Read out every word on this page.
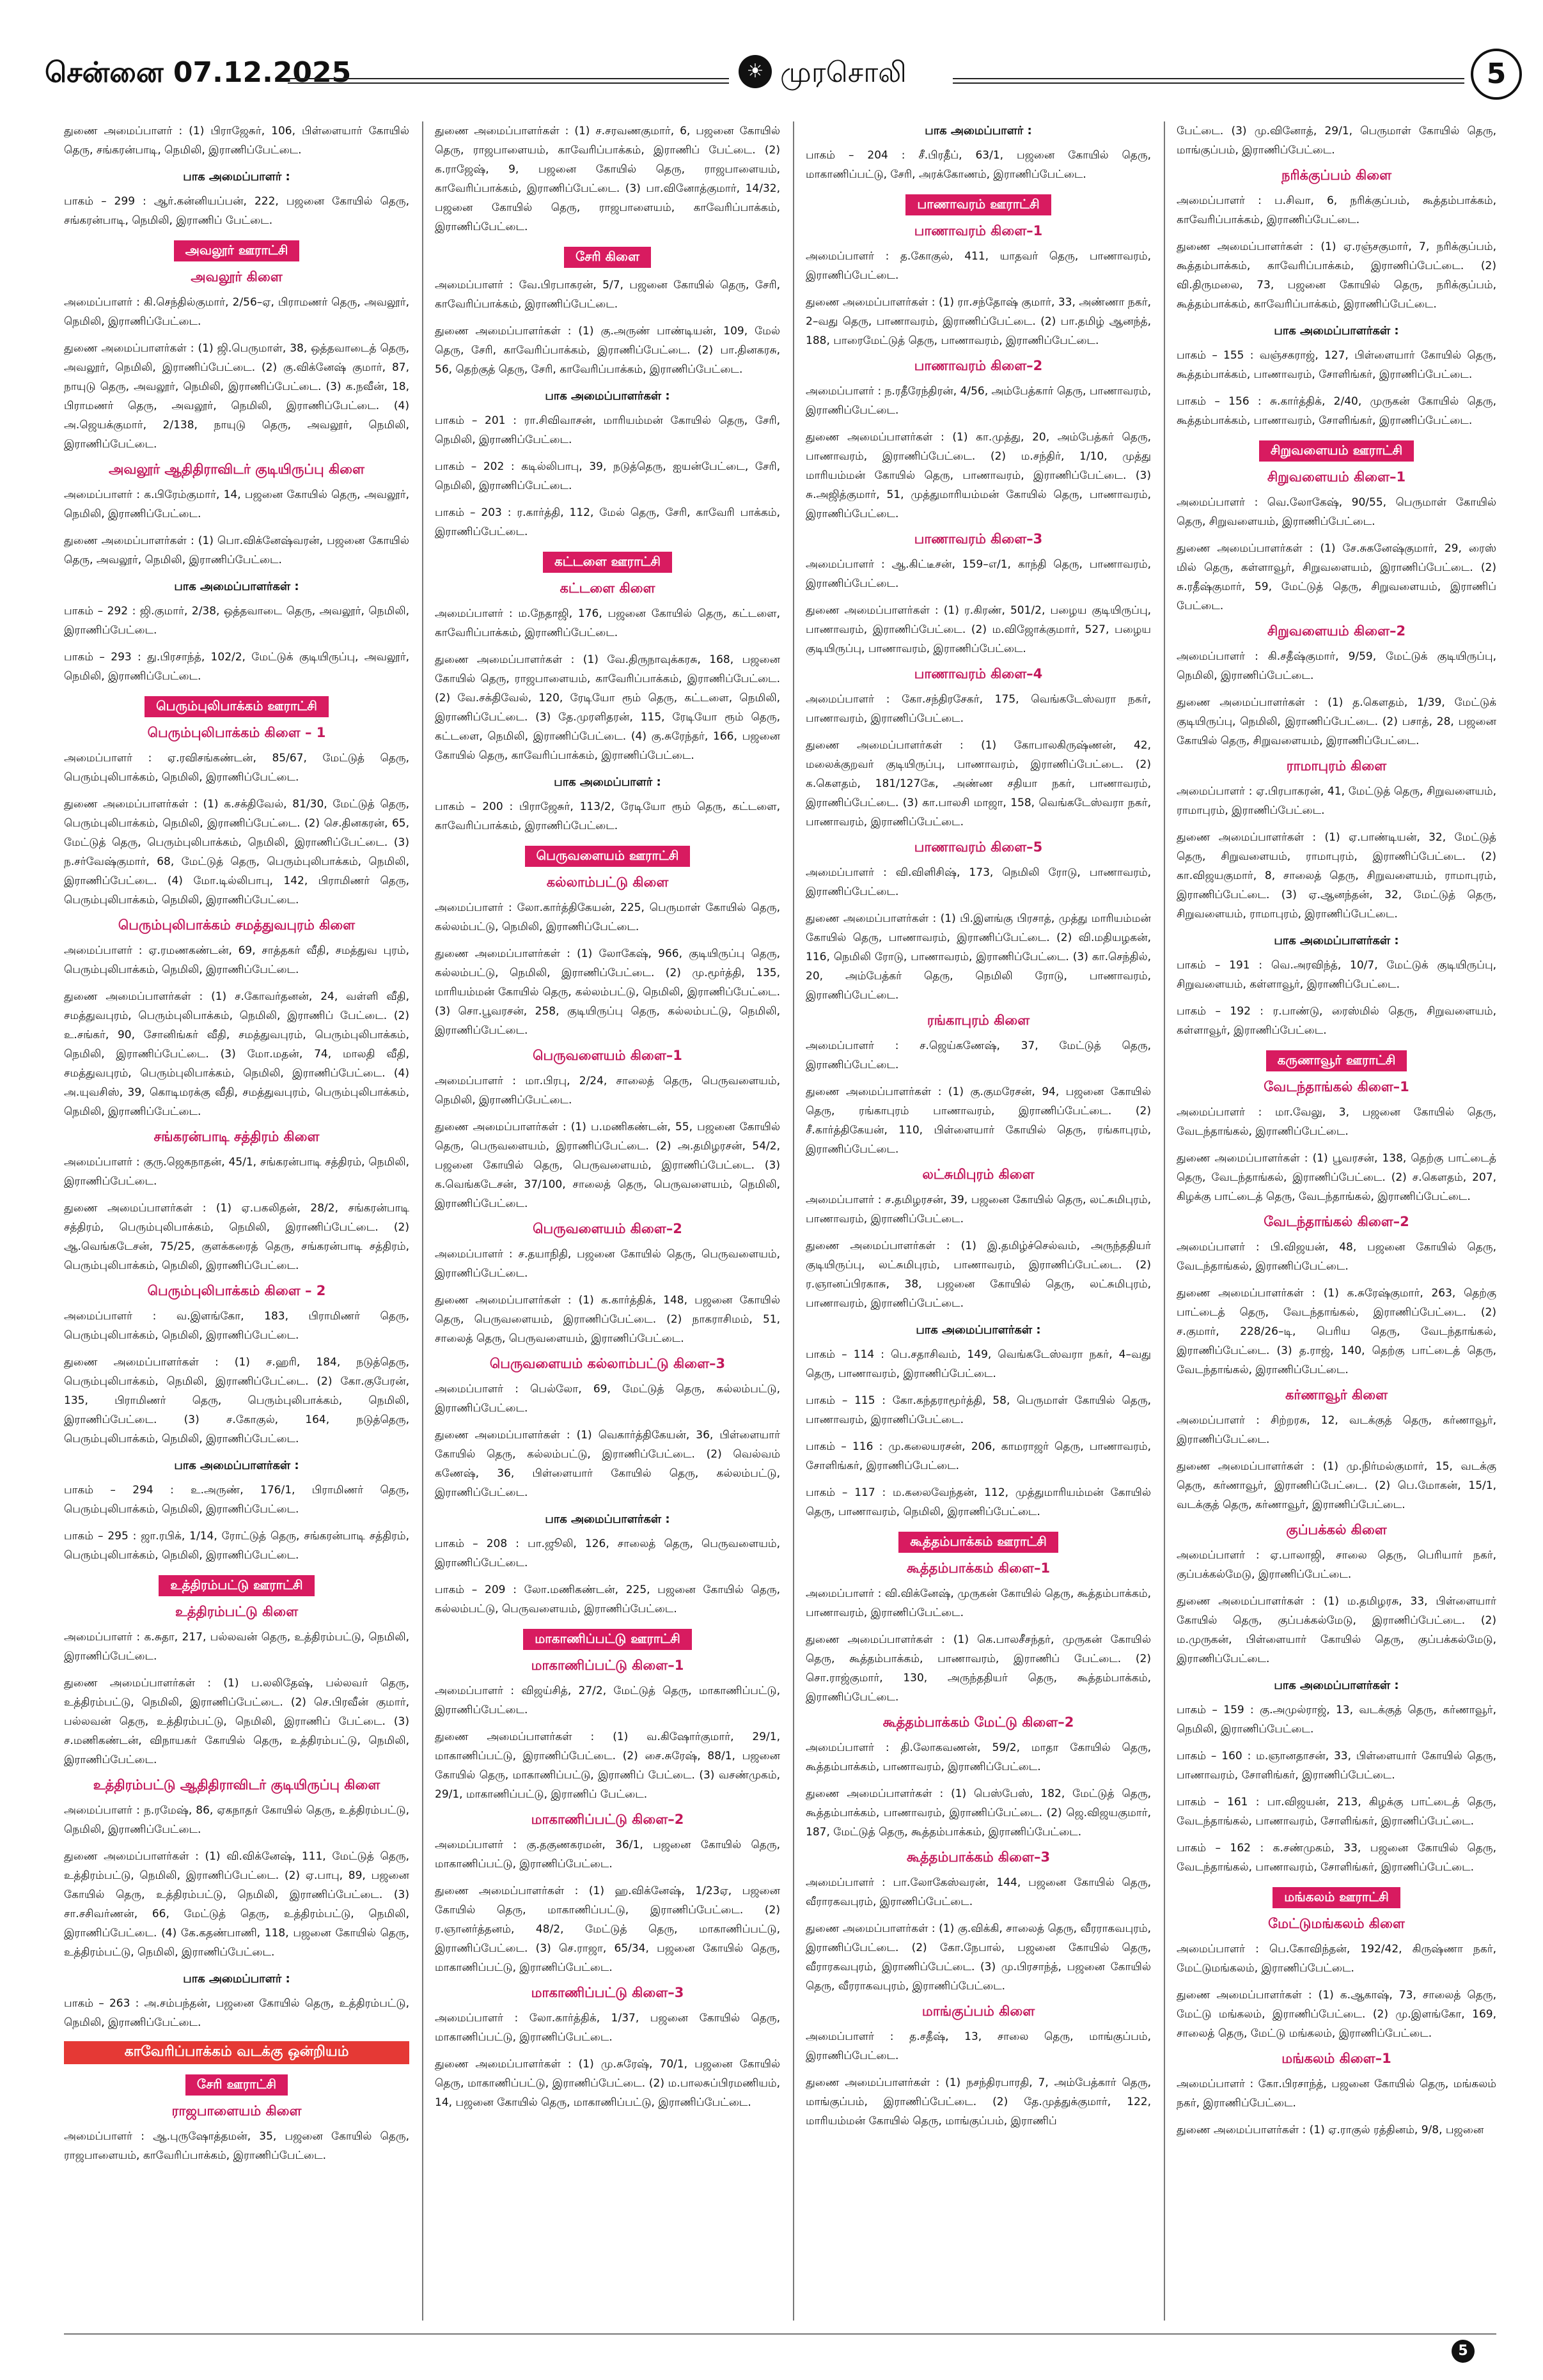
சென்னை 07.12.2025	☀ முரசொலி	5

துணை அமைப்பாளர் : (1) பிராஜேசுர், 106, பிள்ளையார் கோயில் தெரு, சங்கரன்பாடி, நெமிலி, இராணிப்பேட்டை.

பாக அமைப்பாளர் :

பாகம் – 299 : ஆர்.கன்னியப்பன், 222, பஜனை கோயில் தெரு, சங்கரன்பாடி, நெமிலி, இராணிப் பேட்டை.

அவலூர் ஊராட்சி
அவலூர் கிளை

அமைப்பாளர் : கி.செந்தில்குமார், 2/56–ஏ, பிராமணர் தெரு, அவலூர், நெமிலி, இராணிப்பேட்டை.

துணை அமைப்பாளர்கள் : (1) ஜி.பெருமாள், 38, ஒத்தவாடைத் தெரு, அவலூர், நெமிலி, இராணிப்பேட்டை. (2) கு.விக்னேஷ் குமார், 87, நாயுடு தெரு, அவலூர், நெமிலி, இராணிப்பேட்டை. (3) க.நவீன், 18, பிராமணர் தெரு, அவலூர், நெமிலி, இராணிப்பேட்டை. (4) அ.ஜெயக்குமார், 2/138, நாயுடு தெரு, அவலூர், நெமிலி, இராணிப்பேட்டை.

அவலூர் ஆதிதிராவிடர் குடியிருப்பு கிளை

அமைப்பாளர் : க.பிரேம்குமார், 14, பஜனை கோயில் தெரு, அவலூர், நெமிலி, இராணிப்பேட்டை.

துணை அமைப்பாளர்கள் : (1) பொ.விக்னேஷ்வரன், பஜனை கோயில் தெரு, அவலூர், நெமிலி, இராணிப்பேட்டை.

பாக அமைப்பாளர்கள் :

பாகம் – 292 : ஜி.குமார், 2/38, ஒத்தவாடை தெரு, அவலூர், நெமிலி, இராணிப்பேட்டை.

பாகம் – 293 : து.பிரசாந்த், 102/2, மேட்டுக் குடியிருப்பு, அவலூர், நெமிலி, இராணிப்பேட்டை.

பெரும்புலிபாக்கம் ஊராட்சி
பெரும்புலிபாக்கம் கிளை – 1

அமைப்பாளர் : ஏ.ரவிசங்கண்டன், 85/67, மேட்டுத் தெரு, பெரும்புலிபாக்கம், நெமிலி, இராணிப்பேட்டை.

துணை அமைப்பாளர்கள் : (1) க.சக்திவேல், 81/30, மேட்டுத் தெரு, பெரும்புலிபாக்கம், நெமிலி, இராணிப்பேட்டை. (2) செ.தினகரன், 65, மேட்டுத் தெரு, பெரும்புலிபாக்கம், நெமிலி, இராணிப்பேட்டை. (3) ந.சர்வேஷ்குமார், 68, மேட்டுத் தெரு, பெரும்புலிபாக்கம், நெமிலி, இராணிப்பேட்டை. (4) மோ.டில்லிபாபு, 142, பிராமிணர் தெரு, பெரும்புலிபாக்கம், நெமிலி, இராணிப்பேட்டை.

பெரும்புலிபாக்கம் சமத்துவபுரம் கிளை

அமைப்பாளர் : ஏ.ரமணகண்டன், 69, சாத்தகர் வீதி, சமத்துவ புரம், பெரும்புலிபாக்கம், நெமிலி, இராணிப்பேட்டை.

துணை அமைப்பாளர்கள் : (1) ச.கோவர்தனன், 24, வள்ளி வீதி, சமத்துவபுரம், பெரும்புலிபாக்கம், நெமிலி, இராணிப் பேட்டை. (2) உ.சங்கர், 90, சோனிங்கர் வீதி, சமத்துவபுரம், பெரும்புலிபாக்கம், நெமிலி, இராணிப்பேட்டை. (3) மோ.மதன், 74, மாலதி வீதி, சமத்துவபுரம், பெரும்புலிபாக்கம், நெமிலி, இராணிப்பேட்டை. (4) அ.யுவசிஸ், 39, கொடிமரக்கு வீதி, சமத்துவபுரம், பெரும்புலிபாக்கம், நெமிலி, இராணிப்பேட்டை.

சங்கரன்பாடி சத்திரம் கிளை

அமைப்பாளர் : குரு.ஜெகநாதன், 45/1, சங்கரன்பாடி சத்திரம், நெமிலி, இராணிப்பேட்டை.

துணை அமைப்பாளர்கள் : (1) ஏ.பகலிதன், 28/2, சங்கரன்பாடி சத்திரம், பெரும்புலிபாக்கம், நெமிலி, இராணிப்பேட்டை. (2) ஆ.வெங்கடேசன், 75/25, குளக்கரைத் தெரு, சங்கரன்பாடி சத்திரம், பெரும்புலிபாக்கம், நெமிலி, இராணிப்பேட்டை.

பெரும்புலிபாக்கம் கிளை – 2

அமைப்பாளர் : வ.இளங்கோ, 183, பிராமிணர் தெரு, பெரும்புலிபாக்கம், நெமிலி, இராணிப்பேட்டை.

துணை அமைப்பாளர்கள் : (1) ச.ஹரி, 184, நடுத்தெரு, பெரும்புலிபாக்கம், நெமிலி, இராணிப்பேட்டை. (2) கோ.குபேரன், 135, பிராமிணர் தெரு, பெரும்புலிபாக்கம், நெமிலி, இராணிப்பேட்டை. (3) ச.கோகுல், 164, நடுத்தெரு, பெரும்புலிபாக்கம், நெமிலி, இராணிப்பேட்டை.

பாக அமைப்பாளர்கள் :

பாகம் – 294 : உ.அருண், 176/1, பிராமிணர் தெரு, பெரும்புலிபாக்கம், நெமிலி, இராணிப்பேட்டை.

பாகம் – 295 : ஜா.ரபிக், 1/14, ரோட்டுத் தெரு, சங்கரன்பாடி சத்திரம், பெரும்புலிபாக்கம், நெமிலி, இராணிப்பேட்டை.

உத்திரம்பட்டு ஊராட்சி
உத்திரம்பட்டு கிளை

அமைப்பாளர் : க.சுதா, 217, பல்லவன் தெரு, உத்திரம்பட்டு, நெமிலி, இராணிப்பேட்டை.

துணை அமைப்பாளர்கள் : (1) ப.லலிதேஷ், பல்லவர் தெரு, உத்திரம்பட்டு, நெமிலி, இராணிப்பேட்டை. (2) செ.பிரவீன் குமார், பல்லவன் தெரு, உத்திரம்பட்டு, நெமிலி, இராணிப் பேட்டை. (3) ச.மணிகண்டன், விநாயகர் கோயில் தெரு, உத்திரம்பட்டு, நெமிலி, இராணிப்பேட்டை.

உத்திரம்பட்டு ஆதிதிராவிடர் குடியிருப்பு கிளை

அமைப்பாளர் : ந.ரமேஷ், 86, ஏகநாதர் கோயில் தெரு, உத்திரம்பட்டு, நெமிலி, இராணிப்பேட்டை.

துணை அமைப்பாளர்கள் : (1) வி.விக்னேஷ், 111, மேட்டுத் தெரு, உத்திரம்பட்டு, நெமிலி, இராணிப்பேட்டை. (2) ஏ.பாபு, 89, பஜனை கோயில் தெரு, உத்திரம்பட்டு, நெமிலி, இராணிப்பேட்டை. (3) சா.சசிவர்ணன், 66, மேட்டுத் தெரு, உத்திரம்பட்டு, நெமிலி, இராணிப்பேட்டை. (4) கே.கதண்பாணி, 118, பஜனை கோயில் தெரு, உத்திரம்பட்டு, நெமிலி, இராணிப்பேட்டை.

பாக அமைப்பாளர் :

பாகம் – 263 : அ.சம்பந்தன், பஜனை கோயில் தெரு, உத்திரம்பட்டு, நெமிலி, இராணிப்பேட்டை.

காவேரிப்பாக்கம் வடக்கு ஒன்றியம்
சேரி ஊராட்சி
ராஜபாளையம் கிளை

அமைப்பாளர் : ஆ.புருஷோத்தமன், 35, பஜனை கோயில் தெரு, ராஜபாளையம், காவேரிப்பாக்கம், இராணிப்பேட்டை.

துணை அமைப்பாளர்கள் : (1) ச.சரவணகுமார், 6, பஜனை கோயில் தெரு, ராஜபாளையம், காவேரிப்பாக்கம், இராணிப் பேட்டை. (2) க.ராஜேஷ், 9, பஜனை கோயில் தெரு, ராஜபாளையம், காவேரிப்பாக்கம், இராணிப்பேட்டை. (3) பா.வினோத்குமார், 14/32, பஜனை கோயில் தெரு, ராஜபாளையம், காவேரிப்பாக்கம், இராணிப்பேட்டை.

சேரி கிளை

அமைப்பாளர் : வே.பிரபாகரன், 5/7, பஜனை கோயில் தெரு, சேரி, காவேரிப்பாக்கம், இராணிப்பேட்டை.

துணை அமைப்பாளர்கள் : (1) கு.அருண் பாண்டியன், 109, மேல் தெரு, சேரி, காவேரிப்பாக்கம், இராணிப்பேட்டை. (2) பா.தினகரசு, 56, தெற்குத் தெரு, சேரி, காவேரிப்பாக்கம், இராணிப்பேட்டை.

பாக அமைப்பாளர்கள் :

பாகம் – 201 : ரா.சிவிவாசன், மாரியம்மன் கோயில் தெரு, சேரி, நெமிலி, இராணிப்பேட்டை.

பாகம் – 202 : கடில்லிபாபு, 39, நடுத்தெரு, ஐயன்பேட்டை, சேரி, நெமிலி, இராணிப்பேட்டை.

பாகம் – 203 : ர.கார்த்தி, 112, மேல் தெரு, சேரி, காவேரி பாக்கம், இராணிப்பேட்டை.

கட்டளை ஊராட்சி
கட்டளை கிளை

அமைப்பாளர் : ம.நேதாஜி, 176, பஜனை கோயில் தெரு, கட்டளை, காவேரிப்பாக்கம், இராணிப்பேட்டை.

துணை அமைப்பாளர்கள் : (1) வே.திருநாவுக்கரசு, 168, பஜனை கோயில் தெரு, ராஜபாளையம், காவேரிப்பாக்கம், இராணிப்பேட்டை. (2) வே.சக்திவேல், 120, ரேடியோ ரூம் தெரு, கட்டளை, நெமிலி, இராணிப்பேட்டை. (3) தே.முரளிதரன், 115, ரேடியோ ரூம் தெரு, கட்டளை, நெமிலி, இராணிப்பேட்டை. (4) கு.சுரேந்தர், 166, பஜனை கோயில் தெரு, காவேரிப்பாக்கம், இராணிப்பேட்டை.

பாக அமைப்பாளர் :

பாகம் – 200 : பிராஜேசுர், 113/2, ரேடியோ ரூம் தெரு, கட்டளை, காவேரிப்பாக்கம், இராணிப்பேட்டை.

பெருவளையம் ஊராட்சி
கல்லாம்பட்டு கிளை

அமைப்பாளர் : லோ.கார்த்திகேயன், 225, பெருமாள் கோயில் தெரு, கல்லம்பட்டு, நெமிலி, இராணிப்பேட்டை.

துணை அமைப்பாளர்கள் : (1) லோகேஷ், 966, குடியிருப்பு தெரு, கல்லம்பட்டு, நெமிலி, இராணிப்பேட்டை. (2) மு.மூர்த்தி, 135, மாரியம்மன் கோயில் தெரு, கல்லம்பட்டு, நெமிலி, இராணிப்பேட்டை. (3) சொ.பூவரசன், 258, குடியிருப்பு தெரு, கல்லம்பட்டு, நெமிலி, இராணிப்பேட்டை.

பெருவளையம் கிளை–1

அமைப்பாளர் : மா.பிரபு, 2/24, சாலைத் தெரு, பெருவளையம், நெமிலி, இராணிப்பேட்டை.

துணை அமைப்பாளர்கள் : (1) ப.மணிகண்டன், 55, பஜனை கோயில் தெரு, பெருவளையம், இராணிப்பேட்டை. (2) அ.தமிழரசன், 54/2, பஜனை கோயில் தெரு, பெருவளையம், இராணிப்பேட்டை. (3) க.வெங்கடேசன், 37/100, சாலைத் தெரு, பெருவளையம், நெமிலி, இராணிப்பேட்டை.

பெருவளையம் கிளை–2

அமைப்பாளர் : ச.தயாநிதி, பஜனை கோயில் தெரு, பெருவளையம், இராணிப்பேட்டை.

துணை அமைப்பாளர்கள் : (1) க.கார்த்திக், 148, பஜனை கோயில் தெரு, பெருவளையம், இராணிப்பேட்டை. (2) நாகராசிமம், 51, சாலைத் தெரு, பெருவளையம், இராணிப்பேட்டை.

பெருவளையம் கல்லாம்பட்டு கிளை–3

அமைப்பாளர் : பெல்லோ, 69, மேட்டுத் தெரு, கல்லம்பட்டு, இராணிப்பேட்டை.

துணை அமைப்பாளர்கள் : (1) வெகார்த்திகேயன், 36, பிள்ளையார் கோயில் தெரு, கல்லம்பட்டு, இராணிப்பேட்டை. (2) வெல்வம் கணேஷ், 36, பிள்ளையார் கோயில் தெரு, கல்லம்பட்டு, இராணிப்பேட்டை.

பாக அமைப்பாளர்கள் :

பாகம் – 208 : பா.ஜூலி, 126, சாலைத் தெரு, பெருவளையம், இராணிப்பேட்டை.

பாகம் – 209 : லோ.மணிகண்டன், 225, பஜனை கோயில் தெரு, கல்லம்பட்டு, பெருவளையம், இராணிப்பேட்டை.

மாகாணிப்பட்டு ஊராட்சி
மாகாணிப்பட்டு கிளை–1

அமைப்பாளர் : விஜய்சித், 27/2, மேட்டுத் தெரு, மாகாணிப்பட்டு, இராணிப்பேட்டை.

துணை அமைப்பாளர்கள் : (1) வ.கிஷோர்குமார், 29/1, மாகாணிப்பட்டு, இராணிப்பேட்டை. (2) சை.சுரேஷ், 88/1, பஜனை கோயில் தெரு, மாகாணிப்பட்டு, இராணிப் பேட்டை. (3) வசண்முகம், 29/1, மாகாணிப்பட்டு, இராணிப் பேட்டை.

மாகாணிப்பட்டு கிளை–2

அமைப்பாளர் : கு.தகுணகரமன், 36/1, பஜனை கோயில் தெரு, மாகாணிப்பட்டு, இராணிப்பேட்டை.

துணை அமைப்பாளர்கள் : (1) ஹ.விக்னேஷ், 1/23ஏ, பஜனை கோயில் தெரு, மாகாணிப்பட்டு, இராணிப்பேட்டை. (2) ர.ஞானர்த்தனம், 48/2, மேட்டுத் தெரு, மாகாணிப்பட்டு, இராணிப்பேட்டை. (3) செ.ராஜா, 65/34, பஜனை கோயில் தெரு, மாகாணிப்பட்டு, இராணிப்பேட்டை.

மாகாணிப்பட்டு கிளை–3

அமைப்பாளர் : லோ.கார்த்திக், 1/37, பஜனை கோயில் தெரு, மாகாணிப்பட்டு, இராணிப்பேட்டை.

துணை அமைப்பாளர்கள் : (1) மு.சுரேஷ், 70/1, பஜனை கோயில் தெரு, மாகாணிப்பட்டு, இராணிப்பேட்டை. (2) ம.பாலசுப்பிரமணியம், 14, பஜனை கோயில் தெரு, மாகாணிப்பட்டு, இராணிப்பேட்டை.

பாக அமைப்பாளர் :

பாகம் – 204 : சீ.பிரதீப், 63/1, பஜனை கோயில் தெரு, மாகாணிப்பட்டு, சேரி, அரக்கோணம், இராணிப்பேட்டை.

பாணாவரம் ஊராட்சி
பாணாவரம் கிளை–1

அமைப்பாளர் : த.கோகுல், 411, யாதவர் தெரு, பாணாவரம், இராணிப்பேட்டை.

துணை அமைப்பாளர்கள் : (1) ரா.சந்தோஷ் குமார், 33, அண்ணா நகர், 2–வது தெரு, பாணாவரம், இராணிப்பேட்டை. (2) பா.தமிழ் ஆனந்த், 188, பாரைமேட்டுத் தெரு, பாணாவரம், இராணிப்பேட்டை.

பாணாவரம் கிளை–2

அமைப்பாளர் : ந.ரதீரேந்திரன், 4/56, அம்பேத்கார் தெரு, பாணாவரம், இராணிப்பேட்டை.

துணை அமைப்பாளர்கள் : (1) கா.முத்து, 20, அம்பேத்கர் தெரு, பாணாவரம், இராணிப்பேட்டை. (2) ம.சந்திர், 1/10, முத்து மாரியம்மன் கோயில் தெரு, பாணாவரம், இராணிப்பேட்டை. (3) சு.அஜித்குமார், 51, முத்துமாரியம்மன் கோயில் தெரு, பாணாவரம், இராணிப்பேட்டை.

பாணாவரம் கிளை–3

அமைப்பாளர் : ஆ.கிட்டீசன், 159–எ/1, காந்தி தெரு, பாணாவரம், இராணிப்பேட்டை.

துணை அமைப்பாளர்கள் : (1) ர.கிரண், 501/2, பழைய குடியிருப்பு, பாணாவரம், இராணிப்பேட்டை. (2) ம.விஜோக்குமார், 527, பழைய குடியிருப்பு, பாணாவரம், இராணிப்பேட்டை.

பாணாவரம் கிளை–4

அமைப்பாளர் : கோ.சந்திரசேகர், 175, வெங்கடேஸ்வரா நகர், பாணாவரம், இராணிப்பேட்டை.

துணை அமைப்பாளர்கள் : (1) கோபாலகிருஷ்ணன், 42, மலைக்குறவர் குடியிருப்பு, பாணாவரம், இராணிப்பேட்டை. (2) க.கௌதம், 181/127கே, அண்ண சதியா நகர், பாணாவரம், இராணிப்பேட்டை. (3) கா.பாலசி மாஜா, 158, வெங்கடேஸ்வரா நகர், பாணாவரம், இராணிப்பேட்டை.

பாணாவரம் கிளை–5

அமைப்பாளர் : வி.விளிசிஷ், 173, நெமிலி ரோடு, பாணாவரம், இராணிப்பேட்டை.

துணை அமைப்பாளர்கள் : (1) பி.இளங்கு பிரசாத், முத்து மாரியம்மன் கோயில் தெரு, பாணாவரம், இராணிப்பேட்டை. (2) வி.மதியழகன், 116, நெமிலி ரோடு, பாணாவரம், இராணிப்பேட்டை. (3) கா.செந்தில், 20, அம்பேத்கர் தெரு, நெமிலி ரோடு, பாணாவரம், இராணிப்பேட்டை.

ரங்காபுரம் கிளை

அமைப்பாளர் : ச.ஜெய்கணேஷ், 37, மேட்டுத் தெரு, இராணிப்பேட்டை.

துணை அமைப்பாளர்கள் : (1) கு.குமரேசன், 94, பஜனை கோயில் தெரு, ரங்காபுரம் பாணாவரம், இராணிப்பேட்டை. (2) சீ.கார்த்திகேயன், 110, பிள்ளையார் கோயில் தெரு, ரங்காபுரம், இராணிப்பேட்டை.

லட்சுமிபுரம் கிளை

அமைப்பாளர் : ச.தமிழரசன், 39, பஜனை கோயில் தெரு, லட்சுமிபுரம், பாணாவரம், இராணிப்பேட்டை.

துணை அமைப்பாளர்கள் : (1) இ.தமிழ்ச்செல்வம், அருந்ததியர் குடியிருப்பு, லட்சுமிபுரம், பாணாவரம், இராணிப்பேட்டை. (2) ர.ஞானப்பிரகாசு, 38, பஜனை கோயில் தெரு, லட்சுமிபுரம், பாணாவரம், இராணிப்பேட்டை.

பாக அமைப்பாளர்கள் :

பாகம் – 114 : பெ.சதாசிவம், 149, வெங்கடேஸ்வரா நகர், 4–வது தெரு, பாணாவரம், இராணிப்பேட்டை.

பாகம் – 115 : கோ.கந்தராமூர்த்தி, 58, பெருமாள் கோயில் தெரு, பாணாவரம், இராணிப்பேட்டை.

பாகம் – 116 : மு.கலையரசன், 206, காமராஜர் தெரு, பாணாவரம், சோளிங்கர், இராணிப்பேட்டை.

பாகம் – 117 : ம.கலைவேந்தன், 112, முத்துமாரியம்மன் கோயில் தெரு, பாணாவரம், நெமிலி, இராணிப்பேட்டை.

கூத்தம்பாக்கம் ஊராட்சி
கூத்தம்பாக்கம் கிளை–1

அமைப்பாளர் : வி.விக்னேஷ், முருகன் கோயில் தெரு, கூத்தம்பாக்கம், பாணாவரம், இராணிப்பேட்டை.

துணை அமைப்பாளர்கள் : (1) கெ.பாலசீசந்தர், முருகன் கோயில் தெரு, கூத்தம்பாக்கம், பாணாவரம், இராணிப் பேட்டை. (2) சொ.ராஜ்குமார், 130, அருந்ததியர் தெரு, கூத்தம்பாக்கம், இராணிப்பேட்டை.

கூத்தம்பாக்கம் மேட்டு கிளை–2

அமைப்பாளர் : தி.லோகவணன், 59/2, மாதா கோயில் தெரு, கூத்தம்பாக்கம், பாணாவரம், இராணிப்பேட்டை.

துணை அமைப்பாளர்கள் : (1) பெஸ்பேஸ், 182, மேட்டுத் தெரு, கூத்தம்பாக்கம், பாணாவரம், இராணிப்பேட்டை. (2) ஜெ.விஜயகுமார், 187, மேட்டுத் தெரு, கூத்தம்பாக்கம், இராணிப்பேட்டை.

கூத்தம்பாக்கம் கிளை–3

அமைப்பாளர் : பா.லோகேஸ்வரன், 144, பஜனை கோயில் தெரு, வீராரகவபுரம், இராணிப்பேட்டை.

துணை அமைப்பாளர்கள் : (1) கு.விக்கி, சாலைத் தெரு, வீரராகவபுரம், இராணிப்பேட்டை. (2) கோ.நேபால், பஜனை கோயில் தெரு, வீராரகவபுரம், இராணிப்பேட்டை. (3) மு.பிரசாந்த், பஜனை கோயில் தெரு, வீரராகவபுரம், இராணிப்பேட்டை.

மாங்குப்பம் கிளை

அமைப்பாளர் : த.சதீஷ், 13, சாலை தெரு, மாங்குப்பம், இராணிப்பேட்டை.

துணை அமைப்பாளர்கள் : (1) நசந்திரபாரதி, 7, அம்பேத்கார் தெரு, மாங்குப்பம், இராணிப்பேட்டை. (2) தே.முத்துக்குமார், 122, மாரியம்மன் கோயில் தெரு, மாங்குப்பம், இராணிப்

பேட்டை. (3) மு.வினோத், 29/1, பெருமாள் கோயில் தெரு, மாங்குப்பம், இராணிப்பேட்டை.

நரிக்குப்பம் கிளை

அமைப்பாளர் : ப.சிவா, 6, நரிக்குப்பம், கூத்தம்பாக்கம், காவேரிப்பாக்கம், இராணிப்பேட்டை.

துணை அமைப்பாளர்கள் : (1) ஏ.ரஞ்சகுமார், 7, நரிக்குப்பம், கூத்தம்பாக்கம், காவேரிப்பாக்கம், இராணிப்பேட்டை. (2) வி.திருமலை, 73, பஜனை கோயில் தெரு, நரிக்குப்பம், கூத்தம்பாக்கம், காவேரிப்பாக்கம், இராணிப்பேட்டை.

பாக அமைப்பாளர்கள் :

பாகம் – 155 : வஞ்சகராஜ், 127, பிள்ளையார் கோயில் தெரு, கூத்தம்பாக்கம், பாணாவரம், சோளிங்கர், இராணிப்பேட்டை.

பாகம் – 156 : சு.கார்த்திக், 2/40, முருகன் கோயில் தெரு, கூத்தம்பாக்கம், பாணாவரம், சோளிங்கர், இராணிப்பேட்டை.

சிறுவளையம் ஊராட்சி
சிறுவளையம் கிளை–1

அமைப்பாளர் : வெ.லோகேஷ், 90/55, பெருமாள் கோயில் தெரு, சிறுவளையம், இராணிப்பேட்டை.

துணை அமைப்பாளர்கள் : (1) சே.சுகனேஷ்குமார், 29, ரைஸ் மில் தெரு, கள்ளாவூர், சிறுவளையம், இராணிப்பேட்டை. (2) சு.ரதீஷ்குமார், 59, மேட்டுத் தெரு, சிறுவளையம், இராணிப் பேட்டை.

சிறுவளையம் கிளை–2

அமைப்பாளர் : கி.சதீஷ்குமார், 9/59, மேட்டுக் குடியிருப்பு, நெமிலி, இராணிப்பேட்டை.

துணை அமைப்பாளர்கள் : (1) த.கௌதம், 1/39, மேட்டுக் குடியிருப்பு, நெமிலி, இராணிப்பேட்டை. (2) பசாத், 28, பஜனை கோயில் தெரு, சிறுவளையம், இராணிப்பேட்டை.

ராமாபுரம் கிளை

அமைப்பாளர் : ஏ.பிரபாகரன், 41, மேட்டுத் தெரு, சிறுவளையம், ராமாபுரம், இராணிப்பேட்டை.

துணை அமைப்பாளர்கள் : (1) ஏ.பாண்டியன், 32, மேட்டுத் தெரு, சிறுவளையம், ராமாபுரம், இராணிப்பேட்டை. (2) கா.விஜயகுமார், 8, சாலைத் தெரு, சிறுவளையம், ராமாபுரம், இராணிப்பேட்டை. (3) ஏ.ஆனந்தன், 32, மேட்டுத் தெரு, சிறுவளையம், ராமாபுரம், இராணிப்பேட்டை.

பாக அமைப்பாளர்கள் :

பாகம் – 191 : வெ.அரவிந்த், 10/7, மேட்டுக் குடியிருப்பு, சிறுவளையம், கள்ளாவூர், இராணிப்பேட்டை.

பாகம் – 192 : ர.பாண்டு, ரைஸ்மில் தெரு, சிறுவளையம், கள்ளாவூர், இராணிப்பேட்டை.

கருணாவூர் ஊராட்சி
வேடந்தாங்கல் கிளை–1

அமைப்பாளர் : மா.வேலு, 3, பஜனை கோயில் தெரு, வேடந்தாங்கல், இராணிப்பேட்டை.

துணை அமைப்பாளர்கள் : (1) பூவரசன், 138, தெற்கு பாட்டைத் தெரு, வேடந்தாங்கல், இராணிப்பேட்டை. (2) ச.கௌதம், 207, கிழக்கு பாட்டைத் தெரு, வேடந்தாங்கல், இராணிப்பேட்டை.

வேடந்தாங்கல் கிளை–2

அமைப்பாளர் : பி.விஜயன், 48, பஜனை கோயில் தெரு, வேடந்தாங்கல், இராணிப்பேட்டை.

துணை அமைப்பாளர்கள் : (1) க.சுரேஷ்குமார், 263, தெற்கு பாட்டைத் தெரு, வேடந்தாங்கல், இராணிப்பேட்டை. (2) ச.குமார், 228/26–டி, பெரிய தெரு, வேடந்தாங்கல், இராணிப்பேட்டை. (3) த.ராஜ், 140, தெற்கு பாட்டைத் தெரு, வேடந்தாங்கல், இராணிப்பேட்டை.

கர்ணாவூர் கிளை

அமைப்பாளர் : சிற்றரசு, 12, வடக்குத் தெரு, கர்ணாவூர், இராணிப்பேட்டை.

துணை அமைப்பாளர்கள் : (1) மு.நிர்மல்குமார், 15, வடக்கு தெரு, கர்ணாவூர், இராணிப்பேட்டை. (2) பெ.மோகன், 15/1, வடக்குத் தெரு, கர்ணாவூர், இராணிப்பேட்டை.

குப்பக்கல் கிளை

அமைப்பாளர் : ஏ.பாலாஜி, சாலை தெரு, பெரியார் நகர், குப்பக்கல்மேடு, இராணிப்பேட்டை.

துணை அமைப்பாளர்கள் : (1) ம.தமிழரசு, 33, பிள்ளையார் கோயில் தெரு, குப்பக்கல்மேடு, இராணிப்பேட்டை. (2) ம.முருகன், பிள்ளையார் கோயில் தெரு, குப்பக்கல்மேடு, இராணிப்பேட்டை.

பாக அமைப்பாளர்கள் :

பாகம் – 159 : கு.அமுல்ராஜ், 13, வடக்குத் தெரு, கர்ணாவூர், நெமிலி, இராணிப்பேட்டை.

பாகம் – 160 : ம.ஞானதாசன், 33, பிள்ளையார் கோயில் தெரு, பாணாவரம், சோளிங்கர், இராணிப்பேட்டை.

பாகம் – 161 : பா.விஜயன், 213, கிழக்கு பாட்டைத் தெரு, வேடந்தாங்கல், பாணாவரம், சோளிங்கர், இராணிப்பேட்டை.

பாகம் – 162 : க.சண்முகம், 33, பஜனை கோயில் தெரு, வேடந்தாங்கல், பாணாவரம், சோளிங்கர், இராணிப்பேட்டை.

மங்கலம் ஊராட்சி
மேட்டுமங்கலம் கிளை

அமைப்பாளர் : பெ.கோவிந்தன், 192/42, கிருஷ்ணா நகர், மேட்டுமங்கலம், இராணிப்பேட்டை.

துணை அமைப்பாளர்கள் : (1) க.ஆகாஷ், 73, சாலைத் தெரு, மேட்டு மங்கலம், இராணிப்பேட்டை. (2) மு.இளங்கோ, 169, சாலைத் தெரு, மேட்டு மங்கலம், இராணிப்பேட்டை.

மங்கலம் கிளை–1

அமைப்பாளர் : கோ.பிரசாந்த், பஜனை கோயில் தெரு, மங்கலம் நகர், இராணிப்பேட்டை.

துணை அமைப்பாளர்கள் : (1) ஏ.ராகுல் ரத்தினம், 9/8, பஜனை

5
